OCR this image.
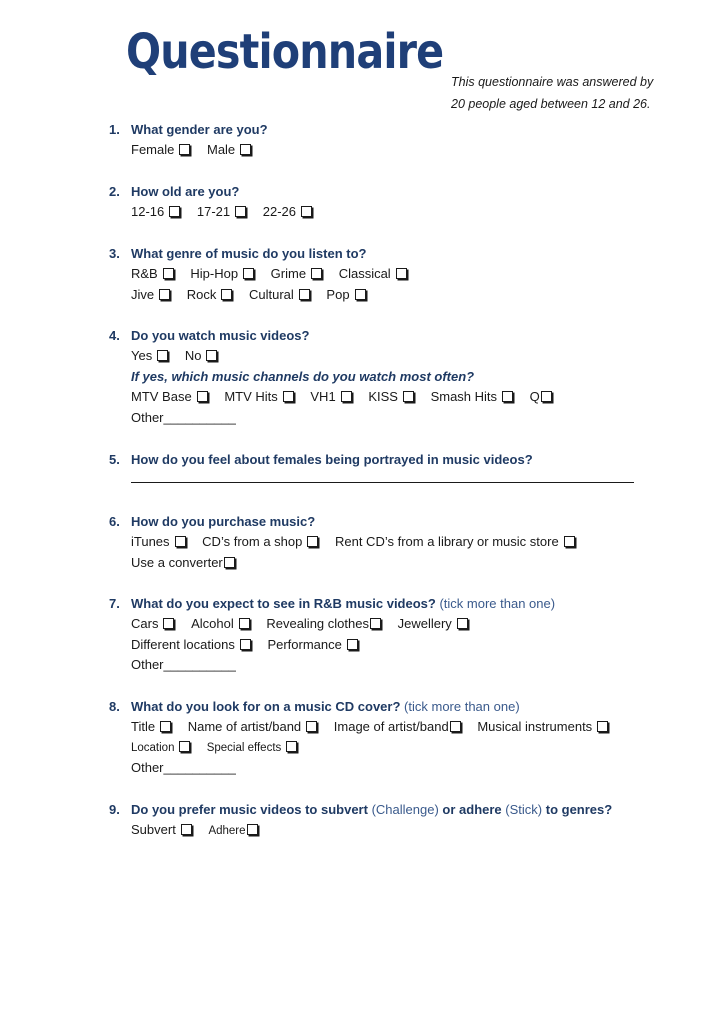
Questionnaire
This questionnaire was answered by
20 people aged between 12 and 26.
1. What gender are you?
Female	Male
2. How old are you?
12-16	17-21	22-26
3. What genre of music do you listen to?
R&B	Hip-Hop	Grime	Classical
Jive	Rock	Cultural	Pop
4. Do you watch music videos?
Yes	No
If yes, which music channels do you watch most often?
MTV Base	MTV Hits	VH1	KISS	Smash Hits	Q
Other__________
5. How do you feel about females being portrayed in music videos?
6. How do you purchase music?
iTunes	CD’s from a shop	Rent CD’s from a library or music store
Use a converter
7. What do you expect to see in R&B music videos? (tick more than one)
Cars	Alcohol	Revealing clothes Jewellery
Different locations	Performance
Other__________
8. What do you look for on a music CD cover? (tick more than one)
Title	Name of artist/band	Image of artist/band Musical instruments
Location	Special effects
Other__________
9. Do you prefer music videos to subvert (Challenge) or adhere (Stick) to genres?
Subvert	Adhere
